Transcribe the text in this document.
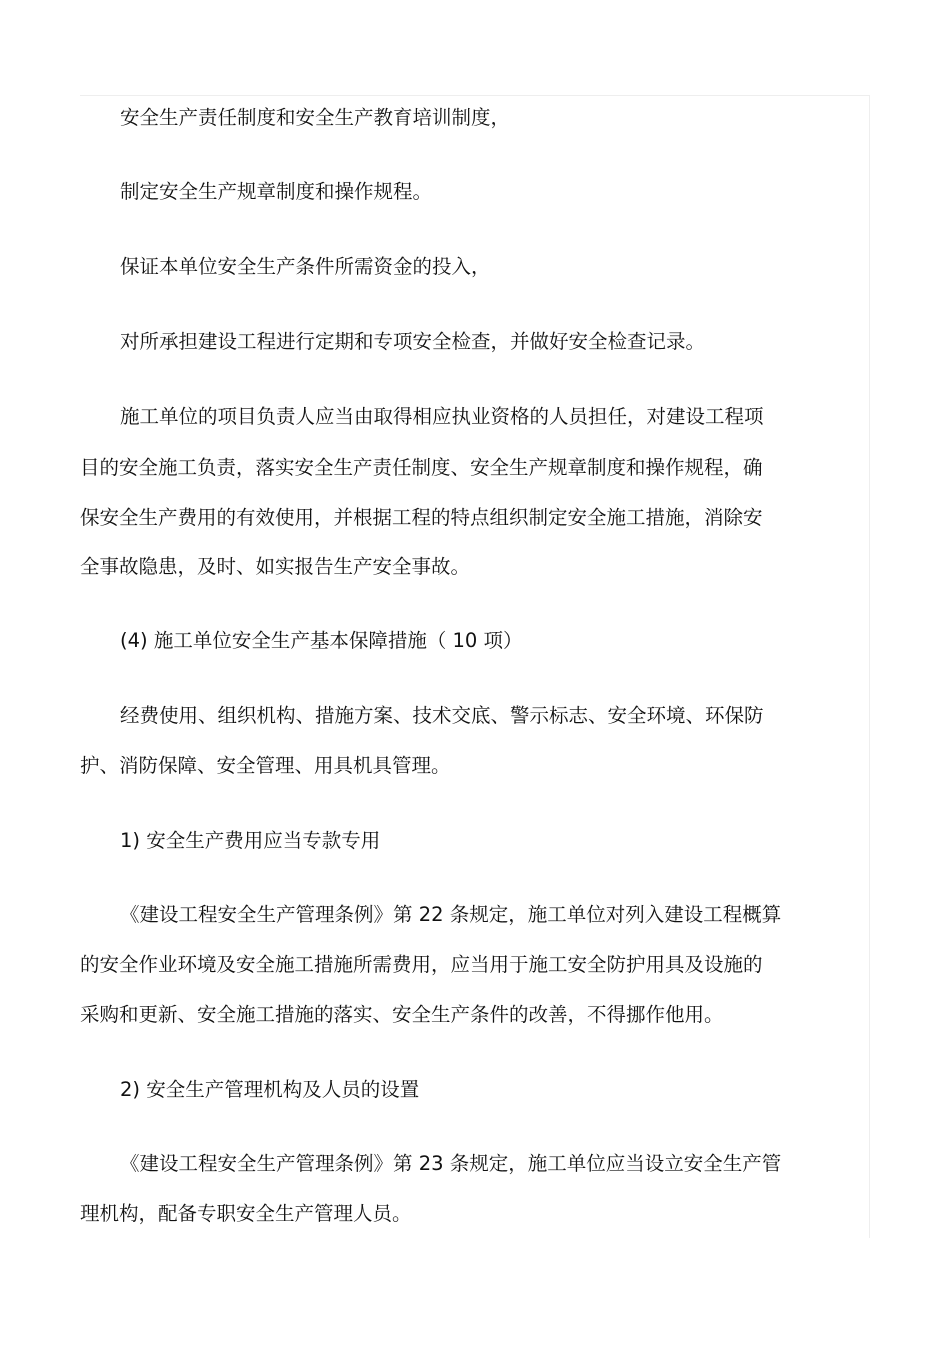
安全生产责任制度和安全生产教育培训制度，
制定安全生产规章制度和操作规程。
保证本单位安全生产条件所需资金的投入，
对所承担建设工程进行定期和专项安全检查，并做好安全检查记录。
施工单位的项目负责人应当由取得相应执业资格的人员担任，对建设工程项
目的安全施工负责，落实安全生产责任制度、安全生产规章制度和操作规程，确
保安全生产费用的有效使用，并根据工程的特点组织制定安全施工措施，消除安
全事故隐患，及时、如实报告生产安全事故。
(4) 施工单位安全生产基本保障措施（ 10 项）
经费使用、组织机构、措施方案、技术交底、警示标志、安全环境、环保防
护、消防保障、安全管理、用具机具管理。
1) 安全生产费用应当专款专用
《建设工程安全生产管理条例》第 22 条规定，施工单位对列入建设工程概算
的安全作业环境及安全施工措施所需费用，应当用于施工安全防护用具及设施的
采购和更新、安全施工措施的落实、安全生产条件的改善，不得挪作他用。
2) 安全生产管理机构及人员的设置
《建设工程安全生产管理条例》第 23 条规定，施工单位应当设立安全生产管
理机构，配备专职安全生产管理人员。
